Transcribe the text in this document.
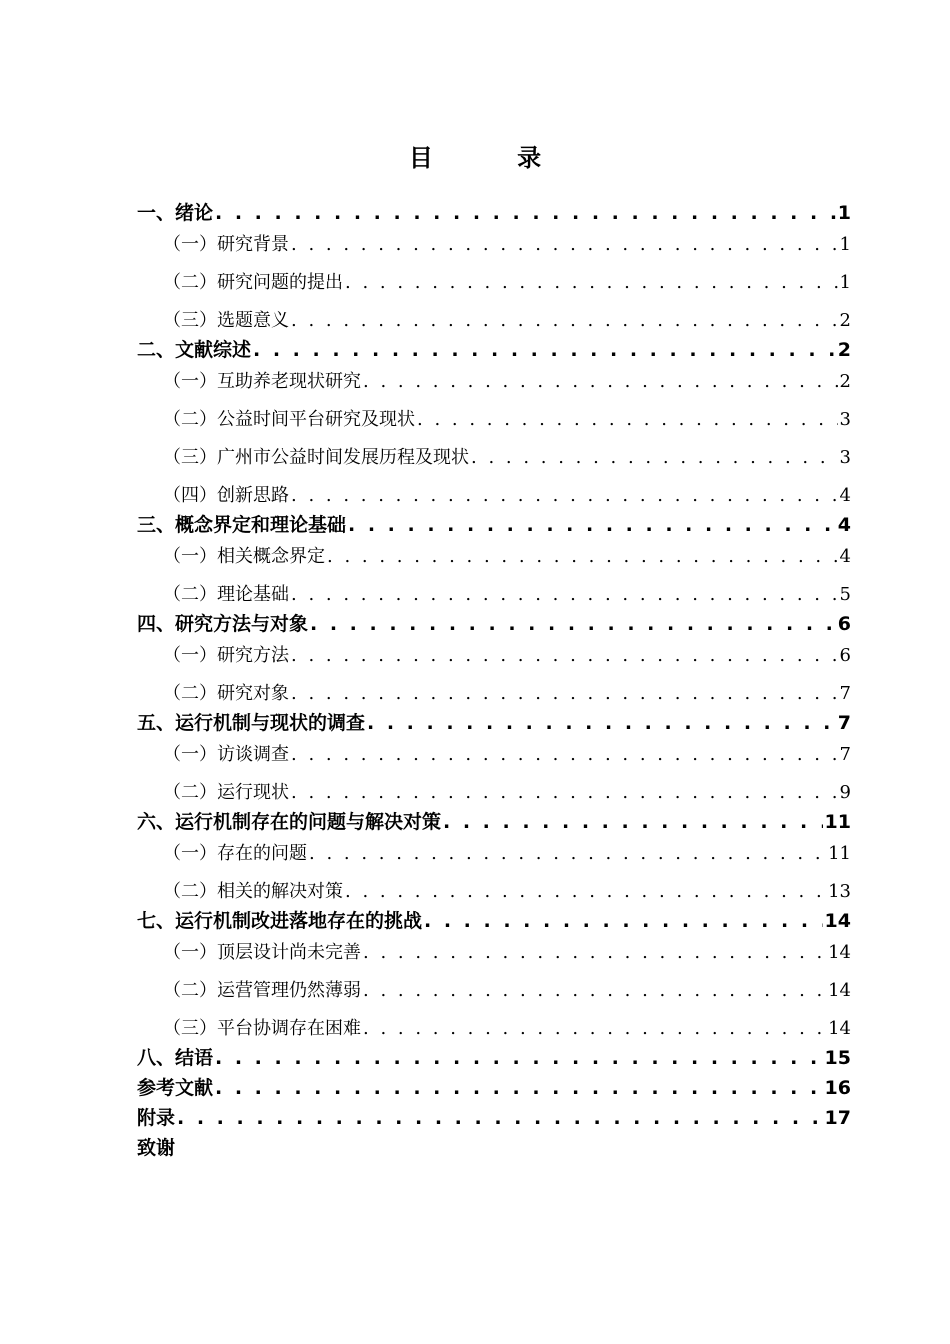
目 录
一、绪论 . . .	1
（一）研究背景 . . .	1
（二）研究问题的提出 . . .	1
（三）选题意义 . . .	2
二、文献综述 . . .	2
（一）互助养老现状研究 . . .	2
（二）公益时间平台研究及现状 . . .	3
（三）广州市公益时间发展历程及现状 . . .	3
（四）创新思路 . . .	4
三、概念界定和理论基础 . . .	4
（一）相关概念界定 . . .	4
（二）理论基础 . . .	5
四、研究方法与对象 . . .	6
（一）研究方法 . . .	6
（二）研究对象 . . .	7
五、运行机制与现状的调查 . . .	7
（一）访谈调查 . . .	7
（二）运行现状 . . .	9
六、运行机制存在的问题与解决对策 . . .	11
（一）存在的问题 . . .	11
（二）相关的解决对策 . . .	13
七、运行机制改进落地存在的挑战 . . .	14
（一）顶层设计尚未完善 . . .	14
（二）运营管理仍然薄弱 . . .	14
（三）平台协调存在困难 . . .	14
八、结语 . . .	15
参考文献 . . .	16
附录 . . .	17
致谢
